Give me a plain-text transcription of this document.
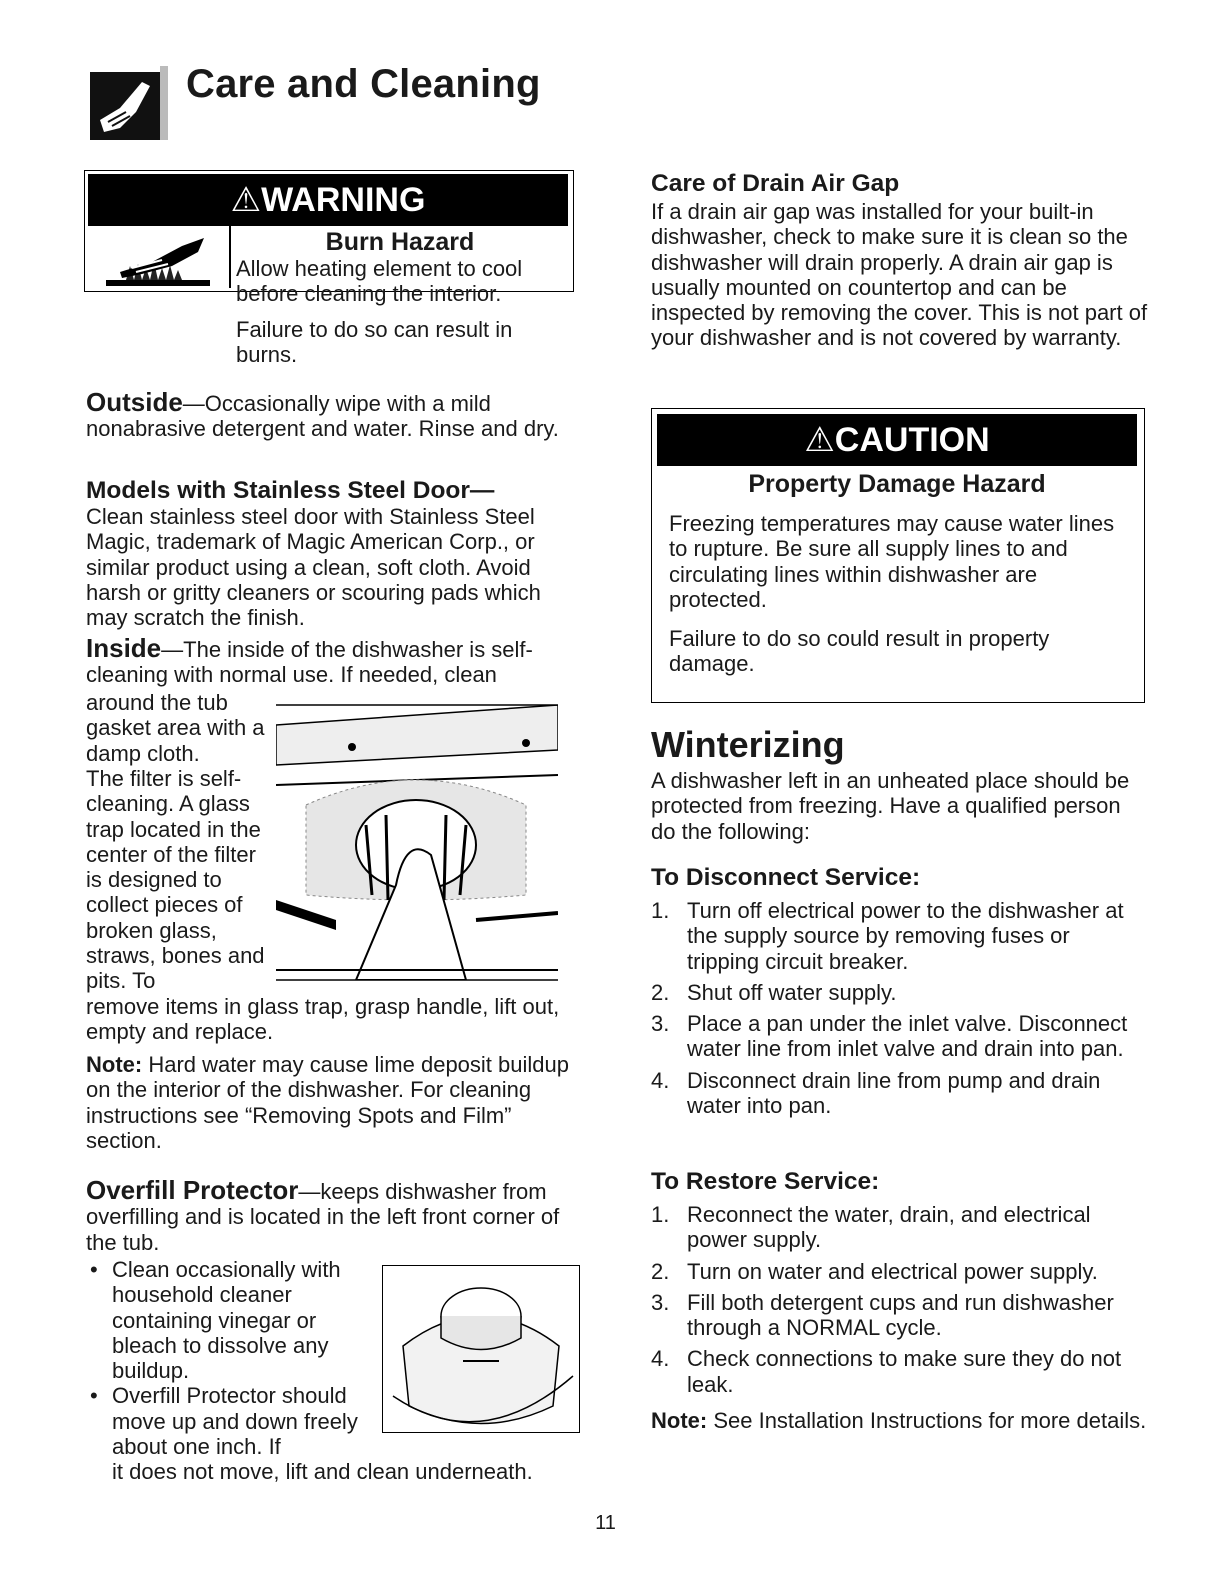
Care and Cleaning
⚠WARNING
Burn Hazard

Allow heating element to cool before cleaning the interior.

Failure to do so can result in burns.

Outside—Occasionally wipe with a mild nonabrasive detergent and water. Rinse and dry.

Models with Stainless Steel Door—

Clean stainless steel door with Stainless Steel Magic, trademark of Magic American Corp., or similar product using a clean, soft cloth. Avoid harsh or gritty cleaners or scouring pads which may scratch the finish.

Inside—The inside of the dishwasher is self-cleaning with normal use. If needed, clean

around the tub gasket area with a damp cloth.

The filter is self-cleaning. A glass trap located in the center of the filter is designed to collect pieces of broken glass, straws, bones and pits. To

remove items in glass trap, grasp handle, lift out, empty and replace.

Note: Hard water may cause lime deposit buildup on the interior of the dishwasher. For cleaning instructions see “Removing Spots and Film” section.

Overfill Protector—keeps dishwasher from overfilling and is located in the left front corner of the tub.

• Clean occasionally with household cleaner containing vinegar or bleach to dissolve any buildup.
• Overfill Protector should move up and down freely about one inch. If

it does not move, lift and clean underneath.

Care of Drain Air Gap

If a drain air gap was installed for your built-in dishwasher, check to make sure it is clean so the dishwasher will drain properly. A drain air gap is usually mounted on countertop and can be inspected by removing the cover. This is not part of your dishwasher and is not covered by warranty.

⚠CAUTION
Property Damage Hazard

Freezing temperatures may cause water lines to rupture. Be sure all supply lines to and circulating lines within dishwasher are protected.

Failure to do so could result in property damage.

Winterizing

A dishwasher left in an unheated place should be protected from freezing. Have a qualified person do the following:

To Disconnect Service:
1. Turn off electrical power to the dishwasher at the supply source by removing fuses or tripping circuit breaker.
2. Shut off water supply.
3. Place a pan under the inlet valve. Disconnect water line from inlet valve and drain into pan.
4. Disconnect drain line from pump and drain water into pan.
To Restore Service:
1. Reconnect the water, drain, and electrical power supply.
2. Turn on water and electrical power supply.
3. Fill both detergent cups and run dishwasher through a NORMAL cycle.
4. Check connections to make sure they do not leak.

Note: See Installation Instructions for more details.

11
